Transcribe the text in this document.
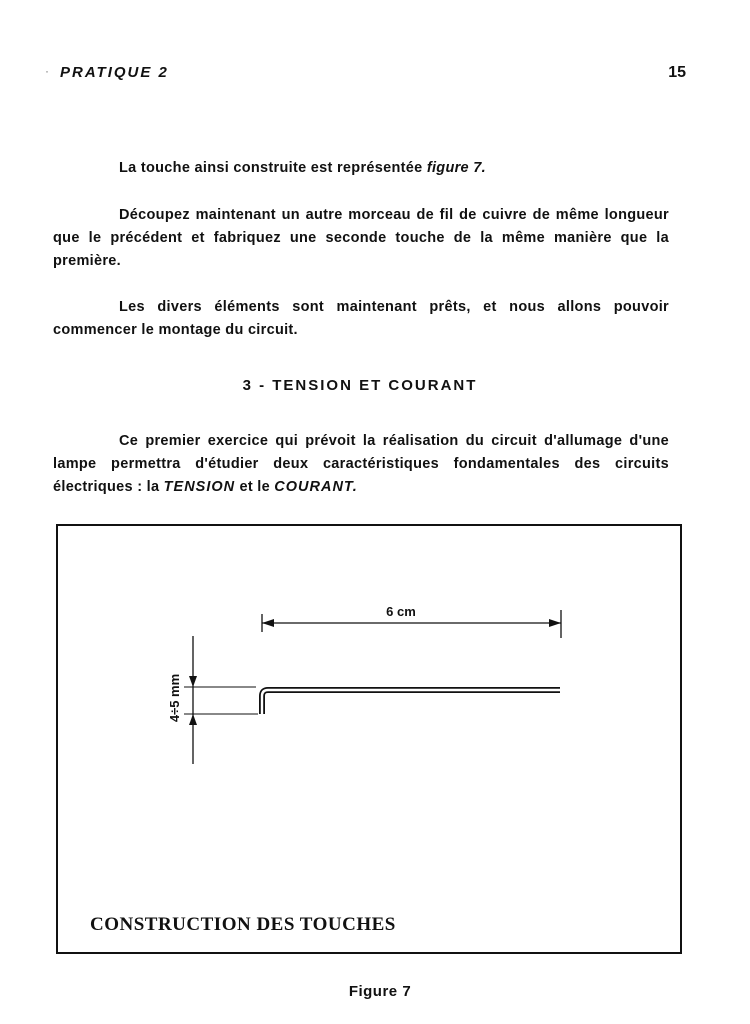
· PRATIQUE 2	15

La touche ainsi construite est représentée figure 7.

Découpez maintenant un autre morceau de fil de cuivre de même longueur que le précédent et fabriquez une seconde touche de la même manière que la première.

Les divers éléments sont maintenant prêts, et nous allons pouvoir commencer le montage du circuit.

3 - TENSION ET COURANT

Ce premier exercice qui prévoit la réalisation du circuit d'allumage d'une lampe permettra d'étudier deux caractéristiques fondamentales des circuits électriques : la TENSION et le COURANT.

6 cm
4÷5 mm
CONSTRUCTION DES TOUCHES
Figure 7
